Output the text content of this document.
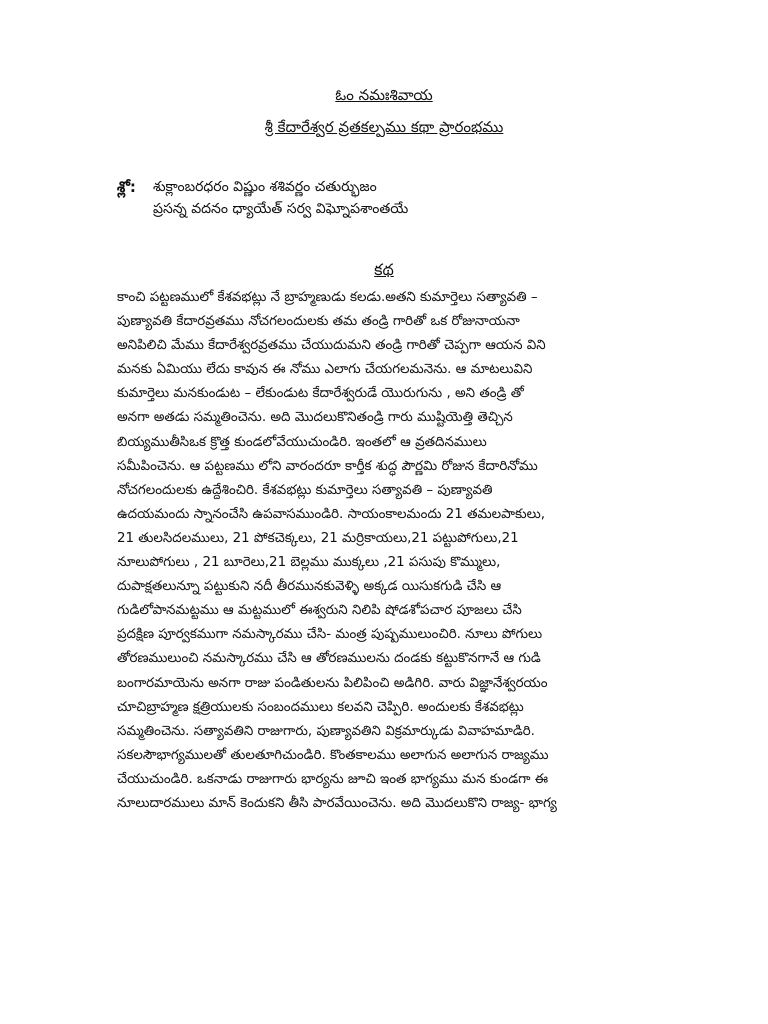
ఓం నమఃశివాయ
శ్రీ కేదారేశ్వర వ్రతకల్పము కథా ప్రారంభము
శ్లో: శుక్లాంబరధరం విష్ణుం శశివర్ణం చతుర్భుజం
ప్రసన్న వదనం ధ్యాయేత్ సర్వ విఘ్నోపశాంతయే
కథ
కాంచి పట్టణములో కేశవభట్లు నే బ్రాహ్మణుడు కలడు.అతని కుమార్తెలు సత్యావతి –
పుణ్యావతి కేదారవ్రతము నోచగలందులకు తమ తండ్రి గారితో ఒక రోజునాయనా
అనిపిలిచి మేము కేదారేశ్వరవ్రతము చేయుదుమని తండ్రి గారితో చెప్పగా ఆయన విని
మనకు ఏమియు లేదు కావున ఈ నోము ఎలాగు చేయగలమనెను. ఆ మాటలువిని
కుమార్తెలు మనకుండుట – లేకుండుట కేదారేశ్వరుడే యొరుగును , అని తండ్రి తో
అనగా అతడు సమ్మతించెను. అది మొదలుకొనితండ్రి గారు ముష్టియెత్తి తెచ్చిన
బియ్యముతీసిఒక క్రొత్త కుండలోవేయుచుండిరి. ఇంతలో ఆ వ్రతదినములు
సమీపించెను. ఆ పట్టణము లోని వారందరూ కార్తీక శుద్ధ పౌర్ణమి రోజున కేదారినోము
నోచగలందులకు ఉద్దేశించిరి. కేశవభట్లు కుమార్తెలు సత్యావతి – పుణ్యావతి
ఉదయమందు స్నానంచేసి ఉపవాసముండిరి. సాయంకాలమందు 21 తమలపాకులు,
21 తులసిదలములు, 21 పోకచెక్కలు, 21 మర్రికాయలు,21 పట్టుపోగులు,21
నూలుపోగులు , 21 బూరెలు,21 బెల్లము ముక్కలు ,21 పసుపు కొమ్ములు,
దుపాక్షతలున్నూ పట్టుకుని నదీ తీరమునకువెళ్ళి అక్కడ యిసుకగుడి చేసి ఆ
గుడిలోపానమట్టము ఆ మట్టములో ఈశ్వరుని నిలిపి షోడశోపచార పూజలు చేసి
ప్రదక్షిణ పూర్వకముగా నమస్కారము చేసి- మంత్ర పుష్పములుంచిరి. నూలు పోగులు
తోరణములుంచి నమస్కారము చేసి ఆ తోరణములను దండకు కట్టుకొనగానే ఆ గుడి
బంగారమాయెను అనగా రాజు పండితులను పిలిపించి అడిగిరి. వారు విజ్ఞానేశ్వరయం
చూచిబ్రాహ్మణ క్షత్రియులకు సంబందములు కలవని చెప్పిరి. అందులకు కేశవభట్లు
సమ్మతించెను. సత్యావతిని రాజుగారు, పుణ్యావతిని విక్రమార్కుడు వివాహమాడిరి.
సకలసౌభాగ్యములతో తులతూగిచుండిరి. కొంతకాలము అలాగున అలాగున రాజ్యము
చేయుచుండిరి. ఒకనాడు రాజుగారు భార్యను జూచి ఇంత భాగ్యము మన కుండగా ఈ
నూలుదారములు మాన్ కెందుకని తీసి పారవేయించెను. అది మొదలుకొని రాజ్య- భాగ్య
